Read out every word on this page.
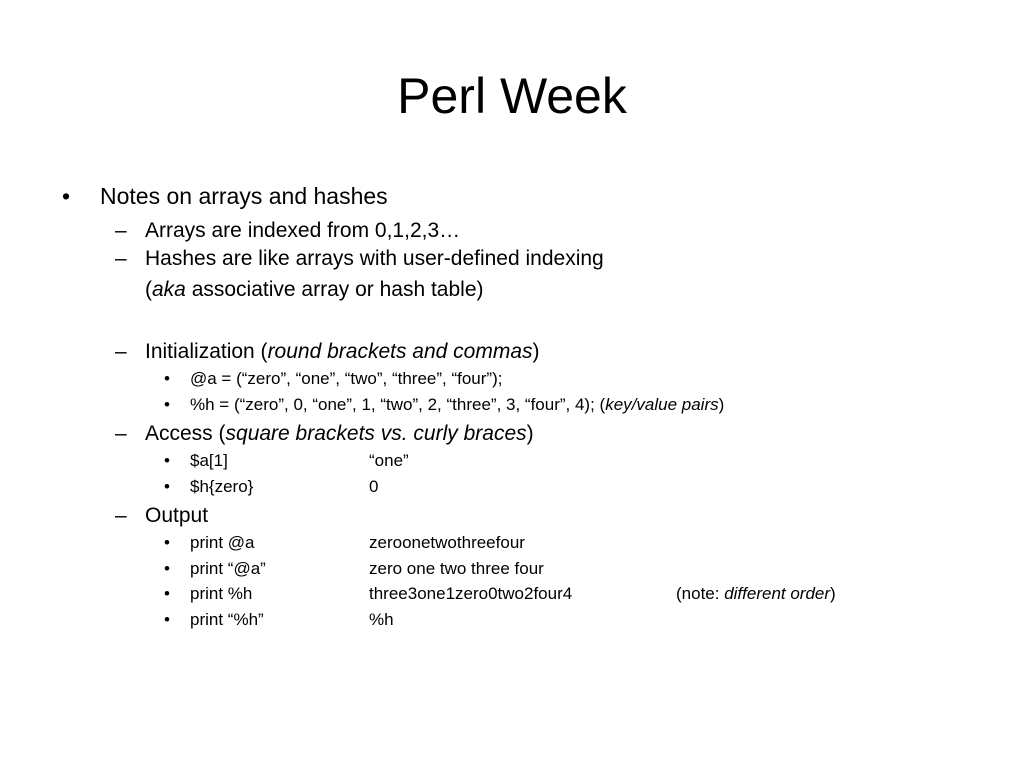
Perl Week
• Notes on arrays and hashes
– Arrays are indexed from 0,1,2,3…
– Hashes are like arrays with user-defined indexing
(aka associative array or hash table)
– Initialization (round brackets and commas)
• @a = (“zero”, “one”, “two”, “three”, “four”);
• %h = (“zero”, 0, “one”, 1, “two”, 2, “three”, 3, “four”, 4); (key/value pairs)
– Access (square brackets vs. curly braces)
• $a[1]	“one”
• $h{zero}	0
– Output
• print @a	zeroonetwothreefour
• print “@a”	zero one two three four
• print %h	three3one1zero0two2four4	(note: different order)
• print “%h”	%h
